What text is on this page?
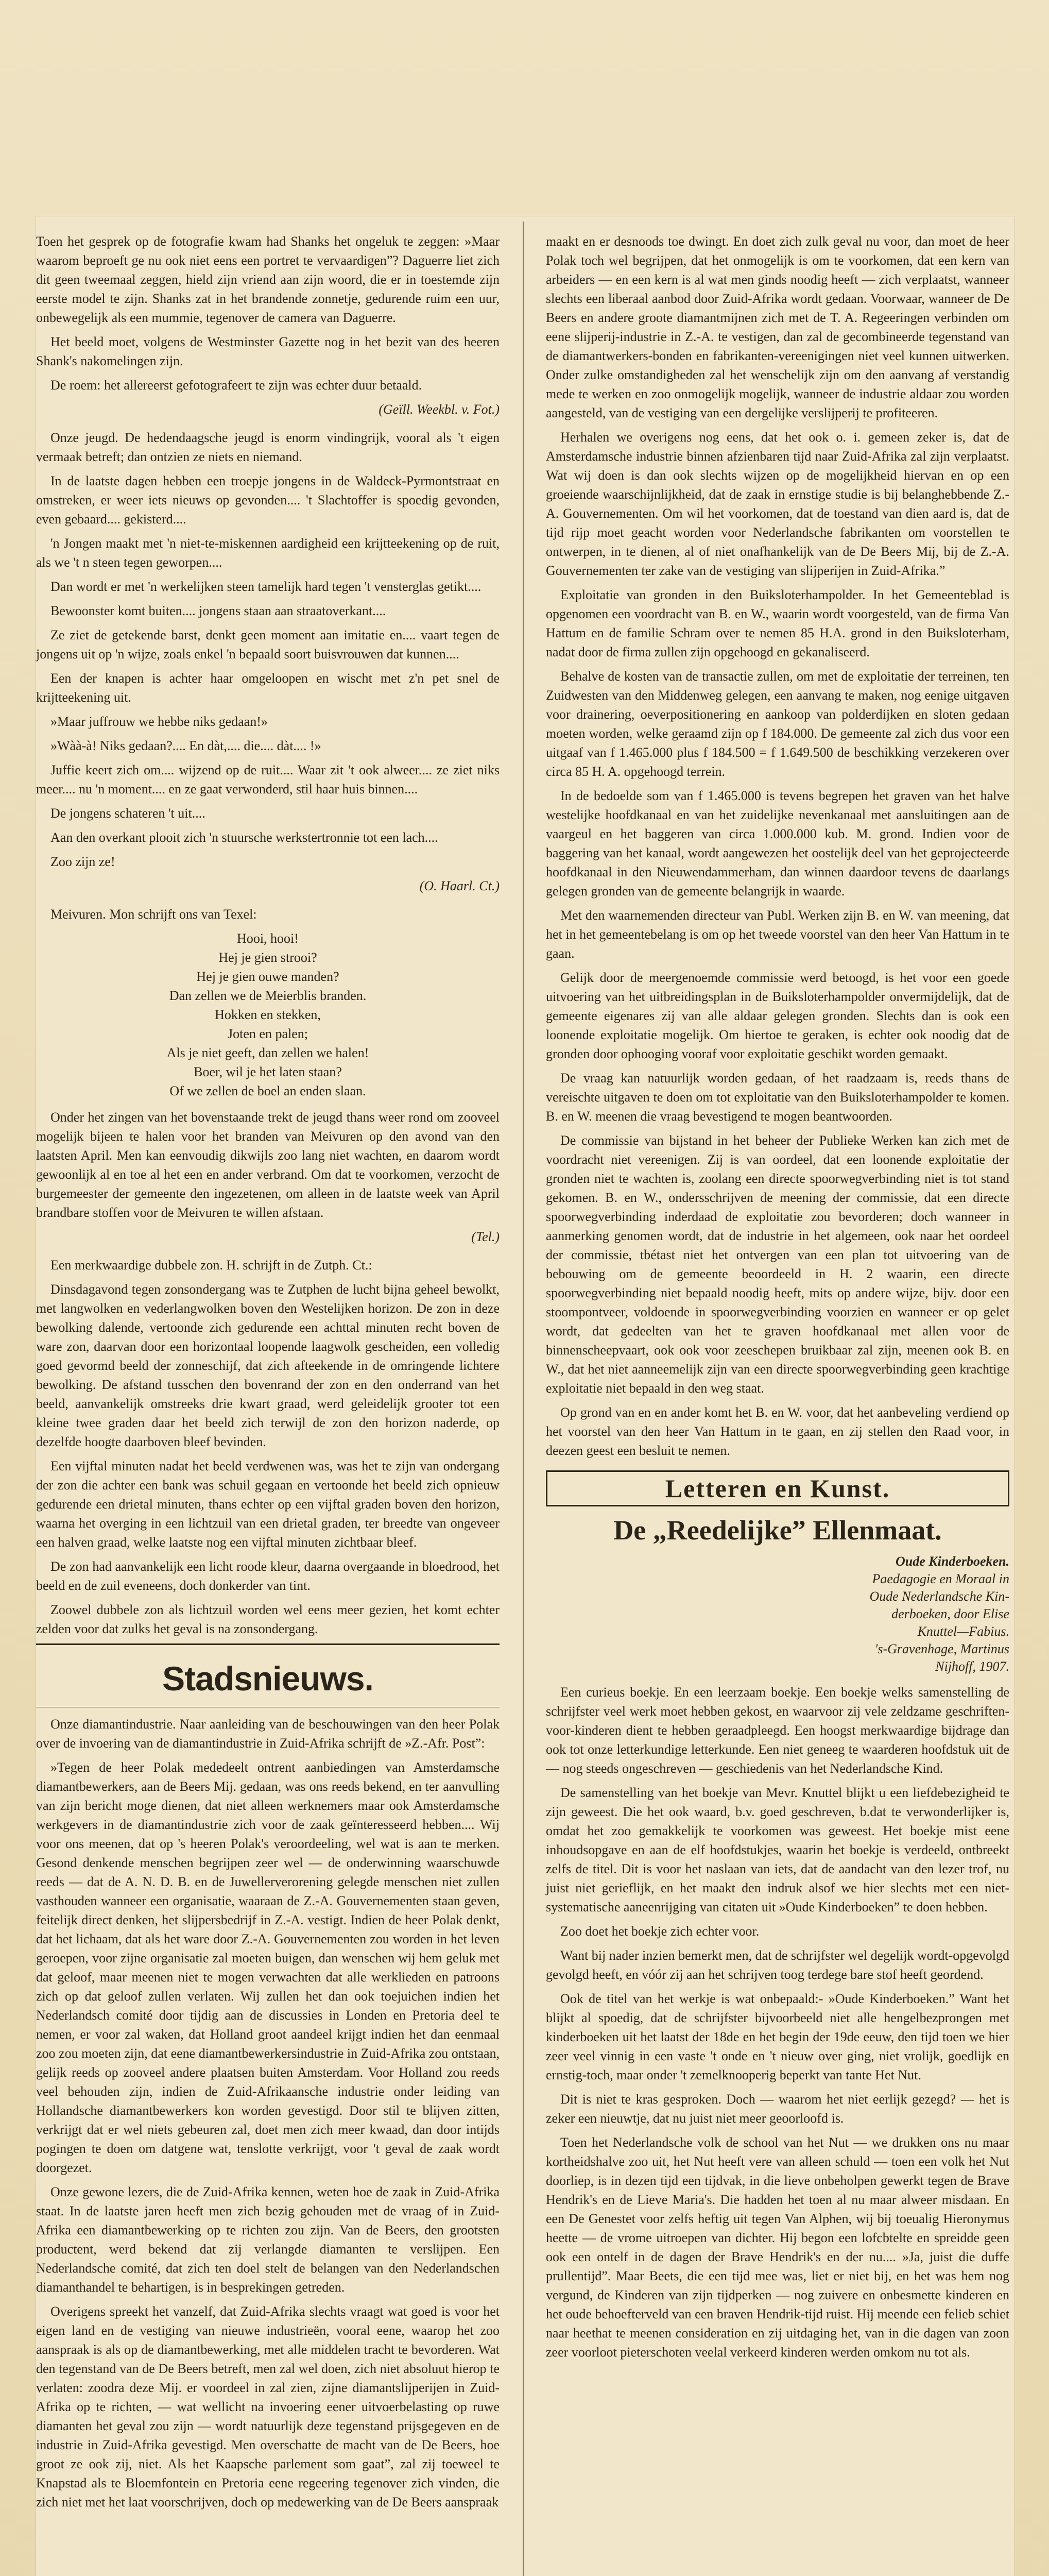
Toen het gesprek op de fotografie kwam had Shanks het ongeluk te zeggen: »Maar waarom beproeft ge nu ook niet eens een portret te vervaardigen”? Daguerre liet zich dit geen tweemaal zeggen, hield zijn vriend aan zijn woord, die er in toestemde zijn eerste model te zijn. Shanks zat in het brandende zonnetje, gedurende ruim een uur, onbewegelijk als een mummie, tegenover de camera van Daguerre.

Het beeld moet, volgens de Westminster Gazette nog in het bezit van des heeren Shank's nakomelingen zijn.

De roem: het allereerst gefotografeert te zijn was echter duur betaald.

(Geïll. Weekbl. v. Fot.)

Onze jeugd. De hedendaagsche jeugd is enorm vindingrijk, vooral als 't eigen vermaak betreft; dan ontzien ze niets en niemand.

In de laatste dagen hebben een troepje jongens in de Waldeck-Pyrmontstraat en omstreken, er weer iets nieuws op gevonden.... 't Slachtoffer is spoedig gevonden, even gebaard.... gekisterd....

'n Jongen maakt met 'n niet-te-miskennen aardigheid een krijtteekening op de ruit, als we 't n steen tegen geworpen....

Dan wordt er met 'n werkelijken steen tamelijk hard tegen 't vensterglas getikt....

Bewoonster komt buiten.... jongens staan aan straatoverkant....

Ze ziet de getekende barst, denkt geen moment aan imitatie en.... vaart tegen de jongens uit op 'n wijze, zoals enkel 'n bepaald soort buisvrouwen dat kunnen....

Een der knapen is achter haar omgeloopen en wischt met z'n pet snel de krijtteekening uit.

»Maar juffrouw we hebbe niks gedaan!»

»Wàà-à! Niks gedaan?.... En dàt,.... die.... dàt.... !»

Juffie keert zich om.... wijzend op de ruit.... Waar zit 't ook alweer.... ze ziet niks meer.... nu 'n moment.... en ze gaat verwonderd, stil haar huis binnen....

De jongens schateren 't uit....

Aan den overkant plooit zich 'n stuursche werkstertronnie tot een lach....

Zoo zijn ze!

(O. Haarl. Ct.)

Meivuren. Mon schrijft ons van Texel:

Hooi, hooi!

Hej je gien strooi?

Hej je gien ouwe manden?

Dan zellen we de Meierblis branden.

Hokken en stekken,

Joten en palen;

Als je niet geeft, dan zellen we halen!

Boer, wil je het laten staan?

Of we zellen de boel an enden slaan.

Onder het zingen van het bovenstaande trekt de jeugd thans weer rond om zooveel mogelijk bijeen te halen voor het branden van Meivuren op den avond van den laatsten April. Men kan eenvoudig dikwijls zoo lang niet wachten, en daarom wordt gewoonlijk al en toe al het een en ander verbrand. Om dat te voorkomen, verzocht de burgemeester der gemeente den ingezetenen, om alleen in de laatste week van April brandbare stoffen voor de Meivuren te willen afstaan.

(Tel.)

Een merkwaardige dubbele zon. H. schrijft in de Zutph. Ct.:

Dinsdagavond tegen zonsondergang was te Zutphen de lucht bijna geheel bewolkt, met langwolken en vederlangwolken boven den Westelijken horizon. De zon in deze bewolking dalende, vertoonde zich gedurende een achttal minuten recht boven de ware zon, daarvan door een horizontaal loopende laagwolk gescheiden, een volledig goed gevormd beeld der zonneschijf, dat zich afteekende in de omringende lichtere bewolking. De afstand tusschen den bovenrand der zon en den onderrand van het beeld, aanvankelijk omstreeks drie kwart graad, werd geleidelijk grooter tot een kleine twee graden daar het beeld zich terwijl de zon den horizon naderde, op dezelfde hoogte daarboven bleef bevinden.

Een vijftal minuten nadat het beeld verdwenen was, was het te zijn van ondergang der zon die achter een bank was schuil gegaan en vertoonde het beeld zich opnieuw gedurende een drietal minuten, thans echter op een vijftal graden boven den horizon, waarna het overging in een lichtzuil van een drietal graden, ter breedte van ongeveer een halven graad, welke laatste nog een vijftal minuten zichtbaar bleef.

De zon had aanvankelijk een licht roode kleur, daarna overgaande in bloedrood, het beeld en de zuil eveneens, doch donkerder van tint.

Zoowel dubbele zon als lichtzuil worden wel eens meer gezien, het komt echter zelden voor dat zulks het geval is na zonsondergang.

Stadsnieuws.

Onze diamantindustrie. Naar aanleiding van de beschouwingen van den heer Polak over de invoering van de diamantindustrie in Zuid-Afrika schrijft de »Z.-Afr. Post”:

»Tegen de heer Polak mededeelt ontrent aanbiedingen van Amsterdamsche diamantbewerkers, aan de Beers Mij. gedaan, was ons reeds bekend, en ter aanvulling van zijn bericht moge dienen, dat niet alleen werknemers maar ook Amsterdamsche werkgevers in de diamantindustrie zich voor de zaak geïnteresseerd hebben.... Wij voor ons meenen, dat op 's heeren Polak's veroordeeling, wel wat is aan te merken. Gesond denkende menschen begrijpen zeer wel — de onderwinning waarschuwde reeds — dat de A. N. D. B. en de Juwellerverorening gelegde menschen niet zullen vasthouden wanneer een organisatie, waaraan de Z.-A. Gouvernementen staan geven, feitelijk direct denken, het slijpersbedrijf in Z.-A. vestigt. Indien de heer Polak denkt, dat het lichaam, dat als het ware door Z.-A. Gouvernementen zou worden in het leven geroepen, voor zijne organisatie zal moeten buigen, dan wenschen wij hem geluk met dat geloof, maar meenen niet te mogen verwachten dat alle werklieden en patroons zich op dat geloof zullen verlaten. Wij zullen het dan ook toejuichen indien het Nederlandsch comité door tijdig aan de discussies in Londen en Pretoria deel te nemen, er voor zal waken, dat Holland groot aandeel krijgt indien het dan eenmaal zoo zou moeten zijn, dat eene diamantbewerkersindustrie in Zuid-Afrika zou ontstaan, gelijk reeds op zooveel andere plaatsen buiten Amsterdam. Voor Holland zou reeds veel behouden zijn, indien de Zuid-Afrikaansche industrie onder leiding van Hollandsche diamantbewerkers kon worden gevestigd. Door stil te blijven zitten, verkrijgt dat er wel niets gebeuren zal, doet men zich meer kwaad, dan door intijds pogingen te doen om datgene wat, tenslotte verkrijgt, voor 't geval de zaak wordt doorgezet.

Onze gewone lezers, die de Zuid-Afrika kennen, weten hoe de zaak in Zuid-Afrika staat. In de laatste jaren heeft men zich bezig gehouden met de vraag of in Zuid-Afrika een diamantbewerking op te richten zou zijn. Van de Beers, den grootsten productent, werd bekend dat zij verlangde diamanten te verslijpen. Een Nederlandsche comité, dat zich ten doel stelt de belangen van den Nederlandschen diamanthandel te behartigen, is in besprekingen getreden.

Overigens spreekt het vanzelf, dat Zuid-Afrika slechts vraagt wat goed is voor het eigen land en de vestiging van nieuwe industrieën, vooral eene, waarop het zoo aanspraak is als op de diamantbewerking, met alle middelen tracht te bevorderen. Wat den tegenstand van de De Beers betreft, men zal wel doen, zich niet absoluut hierop te verlaten: zoodra deze Mij. er voordeel in zal zien, zijne diamantslijperijen in Zuid-Afrika op te richten, — wat wellicht na invoering eener uitvoerbelasting op ruwe diamanten het geval zou zijn — wordt natuurlijk deze tegenstand prijsgegeven en de industrie in Zuid-Afrika gevestigd. Men overschatte de macht van de De Beers, hoe groot ze ook zij, niet. Als het Kaapsche parlement som gaat”, zal zij toeweel te Knapstad als te Bloemfontein en Pretoria eene regeering tegenover zich vinden, die zich niet met het laat voorschrijven, doch op medewerking van de De Beers aanspraak

maakt en er desnoods toe dwingt. En doet zich zulk geval nu voor, dan moet de heer Polak toch wel begrijpen, dat het onmogelijk is om te voorkomen, dat een kern van arbeiders — en een kern is al wat men ginds noodig heeft — zich verplaatst, wanneer slechts een liberaal aanbod door Zuid-Afrika wordt gedaan. Voorwaar, wanneer de De Beers en andere groote diamantmijnen zich met de T. A. Regeeringen verbinden om eene slijperij-industrie in Z.-A. te vestigen, dan zal de gecombineerde tegenstand van de diamantwerkers-bonden en fabrikanten-vereenigingen niet veel kunnen uitwerken. Onder zulke omstandigheden zal het wenschelijk zijn om den aanvang af verstandig mede te werken en zoo onmogelijk mogelijk, wanneer de industrie aldaar zou worden aangesteld, van de vestiging van een dergelijke verslijperij te profiteeren.

Herhalen we overigens nog eens, dat het ook o. i. gemeen zeker is, dat de Amsterdamsche industrie binnen afzienbaren tijd naar Zuid-Afrika zal zijn verplaatst. Wat wij doen is dan ook slechts wijzen op de mogelijkheid hiervan en op een groeiende waarschijnlijkheid, dat de zaak in ernstige studie is bij belanghebbende Z.-A. Gouvernementen. Om wil het voorkomen, dat de toestand van dien aard is, dat de tijd rijp moet geacht worden voor Nederlandsche fabrikanten om voorstellen te ontwerpen, in te dienen, al of niet onafhankelijk van de De Beers Mij, bij de Z.-A. Gouvernementen ter zake van de vestiging van slijperijen in Zuid-Afrika.”

Exploitatie van gronden in den Buiksloterhampolder. In het Gemeenteblad is opgenomen een voordracht van B. en W., waarin wordt voorgesteld, van de firma Van Hattum en de familie Schram over te nemen 85 H.A. grond in den Buiksloterham, nadat door de firma zullen zijn opgehoogd en gekanaliseerd.

Behalve de kosten van de transactie zullen, om met de exploitatie der terreinen, ten Zuidwesten van den Middenweg gelegen, een aanvang te maken, nog eenige uitgaven voor drainering, oeverpositionering en aankoop van polderdijken en sloten gedaan moeten worden, welke geraamd zijn op f 184.000. De gemeente zal zich dus voor een uitgaaf van f 1.465.000 plus f 184.500 = f 1.649.500 de beschikking verzekeren over circa 85 H. A. opgehoogd terrein.

In de bedoelde som van f 1.465.000 is tevens begrepen het graven van het halve westelijke hoofdkanaal en van het zuidelijke nevenkanaal met aansluitingen aan de vaargeul en het baggeren van circa 1.000.000 kub. M. grond. Indien voor de baggering van het kanaal, wordt aangewezen het oostelijk deel van het geprojecteerde hoofdkanaal in den Nieuwendammerham, dan winnen daardoor tevens de daarlangs gelegen gronden van de gemeente belangrijk in waarde.

Met den waarnemenden directeur van Publ. Werken zijn B. en W. van meening, dat het in het gemeentebelang is om op het tweede voorstel van den heer Van Hattum in te gaan.

Gelijk door de meergenoemde commissie werd betoogd, is het voor een goede uitvoering van het uitbreidingsplan in de Buiksloterhampolder onvermijdelijk, dat de gemeente eigenares zij van alle aldaar gelegen gronden. Slechts dan is ook een loonende exploitatie mogelijk. Om hiertoe te geraken, is echter ook noodig dat de gronden door ophooging vooraf voor exploitatie geschikt worden gemaakt.

De vraag kan natuurlijk worden gedaan, of het raadzaam is, reeds thans de vereischte uitgaven te doen om tot exploitatie van den Buiksloterhampolder te komen. B. en W. meenen die vraag bevestigend te mogen beantwoorden.

De commissie van bijstand in het beheer der Publieke Werken kan zich met de voordracht niet vereenigen. Zij is van oordeel, dat een loonende exploitatie der gronden niet te wachten is, zoolang een directe spoorwegverbinding niet is tot stand gekomen. B. en W., ondersschrijven de meening der commissie, dat een directe spoorwegverbinding inderdaad de exploitatie zou bevorderen; doch wanneer in aanmerking genomen wordt, dat de industrie in het algemeen, ook naar het oordeel der commissie, tbétast niet het ontvergen van een plan tot uitvoering van de bebouwing om de gemeente beoordeeld in H. 2 waarin, een directe spoorwegverbinding niet bepaald noodig heeft, mits op andere wijze, bijv. door een stoompontveer, voldoende in spoorwegverbinding voorzien en wanneer er op gelet wordt, dat gedeelten van het te graven hoofdkanaal met allen voor de binnenscheepvaart, ook ook voor zeeschepen bruikbaar zal zijn, meenen ook B. en W., dat het niet aanneemelijk zijn van een directe spoorwegverbinding geen krachtige exploitatie niet bepaald in den weg staat.

Op grond van en en ander komt het B. en W. voor, dat het aanbeveling verdiend op het voorstel van den heer Van Hattum in te gaan, en zij stellen den Raad voor, in deezen geest een besluit te nemen.

Letteren en Kunst.
De „Reedelijke” Ellenmaat.
Oude Kinderboeken.
Paedagogie en Moraal in
Oude Nederlandsche Kin-
derboeken, door Elise
Knuttel—Fabius.
's-Gravenhage, Martinus
Nijhoff, 1907.

Een curieus boekje. En een leerzaam boekje. Een boekje welks samenstelling de schrijfster veel werk moet hebben gekost, en waarvoor zij vele zeldzame geschriften-voor-kinderen dient te hebben geraadpleegd. Een hoogst merkwaardige bijdrage dan ook tot onze letterkundige letterkunde. Een niet geneeg te waarderen hoofdstuk uit de — nog steeds ongeschreven — geschiedenis van het Nederlandsche Kind.

De samenstelling van het boekje van Mevr. Knuttel blijkt u een liefdebezigheid te zijn geweest. Die het ook waard, b.v. goed geschreven, b.dat te verwonderlijker is, omdat het zoo gemakkelijk te voorkomen was geweest. Het boekje mist eene inhoudsopgave en aan de elf hoofdstukjes, waarin het boekje is verdeeld, ontbreekt zelfs de titel. Dit is voor het naslaan van iets, dat de aandacht van den lezer trof, nu juist niet gerieflijk, en het maakt den indruk alsof we hier slechts met een niet-systematische aaneenrijging van citaten uit »Oude Kinderboeken” te doen hebben.

Zoo doet het boekje zich echter voor.

Want bij nader inzien bemerkt men, dat de schrijfster wel degelijk wordt-opgevolgd gevolgd heeft, en vóór zij aan het schrijven toog terdege bare stof heeft geordend.

Ook de titel van het werkje is wat onbepaald:- »Oude Kinderboeken.” Want het blijkt al spoedig, dat de schrijfster bijvoorbeeld niet alle hengelbezprongen met kinderboeken uit het laatst der 18de en het begin der 19de eeuw, den tijd toen we hier zeer veel vinnig in een vaste 't onde en 't nieuw over ging, niet vrolijk, goedlijk en ernstig-toch, maar onder 't zemelknooperig beperkt van tante Het Nut.

Dit is niet te kras gesproken. Doch — waarom het niet eerlijk gezegd? — het is zeker een nieuwtje, dat nu juist niet meer geoorloofd is.

Toen het Nederlandsche volk de school van het Nut — we drukken ons nu maar kortheidshalve zoo uit, het Nut heeft vere van alleen schuld — toen een volk het Nut doorliep, is in dezen tijd een tijdvak, in die lieve onbeholpen gewerkt tegen de Brave Hendrik's en de Lieve Maria's. Die hadden het toen al nu maar alweer misdaan. En een De Genestet voor zelfs heftig uit tegen Van Alphen, wij bij toeualig Hieronymus heette — de vrome uitroepen van dichter. Hij begon een lofcbtelte en spreidde geen ook een ontelf in de dagen der Brave Hendrik's en der nu.... »Ja, juist die duffe prullentijd”. Maar Beets, die een tijd mee was, liet er niet bij, en het was hem nog vergund, de Kinderen van zijn tijdperken — nog zuivere en onbesmette kinderen en het oude behoefterveld van een braven Hendrik-tijd ruist. Hij meende een felieb schiet naar heethat te meenen consideration en zij uitdaging het, van in die dagen van zoon zeer voorloot pieterschoten veelal verkeerd kinderen werden omkom nu tot als.
